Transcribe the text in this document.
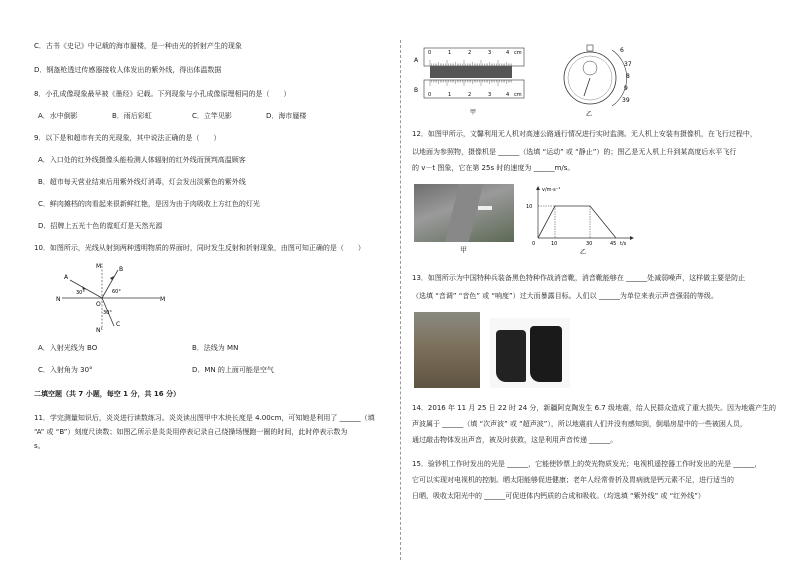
C．古书《史记》中记载的海市蜃楼，是一种由光的折射产生的现象
D．钢盔枪透过传感器接收人体发出的紫外线，得出体温数据
8．小孔成像现象最早被《墨经》记载。下列现象与小孔成像原理相同的是（　　）
A．水中倒影	B．雨后彩虹	C．立竿见影	D．海市蜃楼
9．以下是和超市有关的光现象，其中说法正确的是（　　）
A．入口处的红外线摄像头能检测人体辐射的红外线而预判高温顾客
B．超市每天营业结束后用紫外线灯消毒，灯会发出淡紫色的紫外线
C．鲜肉摊档的肉看起来很新鲜红艳，是因为由于肉吸收上方红色的灯光
D．招牌上五光十色的霓虹灯是天然光源
10．如图所示，光线从射到两种透明物质的界面时，同时发生反射和折射现象，由图可知正确的是（　　）
M'
N'
A
B
C
O
N	M
30°	60°
30°
A．入射光线为 BO	B．法线为 MN
C．入射角为 30°	D．MN 的上面可能是空气
二填空题（共 7 小题，每空 1 分，共 16 分）
11．学完测量知识后，炎炎进行读数练习。炎炎读出图甲中木块长度是 4.00cm，可知她是利用了 ______（填
“A” 或 “B”）刻度尺读数；如图乙所示是炎炎用停表记录自己绕操场慢跑一圈的时间，此时停表示数为
s。
A
B
0	1	2	3	4 cm
0	1	2	3	4 cm
甲
6
37
8
9
39
乙
12．如图甲所示，文馨利用无人机对高速公路通行情况进行实时监测。无人机上安装有摄像机，在飞行过程中，
以地面为参照物，摄像机是 ______（选填 “运动” 或 “静止”）的；图乙是无人机上升到某高度后水平飞行
的 v－t 图象，它在第 25s 时的速度为 ______m/s。
甲
v/m·s⁻¹
10
0	10	30	45 t/s
乙
13．如图所示为中国特种兵装备黑色特种作战消音靴，消音靴能够在 ______处减弱噪声，这样做主要是防止
（选填 “音调” “音色” 或 “响度”）过大而暴露目标。人们以 ______为单位来表示声音强弱的等级。
14．2016 年 11 月 25 日 22 时 24 分，新疆阿克陶发生 6.7 级地震，给人民群众造成了重大损失。因为地震产生的
声波属于 ______（填 “次声波” 或 “超声波”），所以地震前人们并没有感知到，倒塌房屋中的一些被困人员，
通过敲击物体发出声音，被及时获救，这是利用声音传递 ______。
15．验钞机工作时发出的光是 ______，它能使钞票上的荧光物质发光；电视机遥控器工作时发出的光是 ______，
它可以实现对电视机的控制。晒太阳能够促进健康；老年人经常骨折及胃病就是钙元素不足，进行适当的
日晒，吸收太阳光中的 ______可促进体内钙质的合成和吸收。（均选填 “紫外线” 或 “红外线”）
